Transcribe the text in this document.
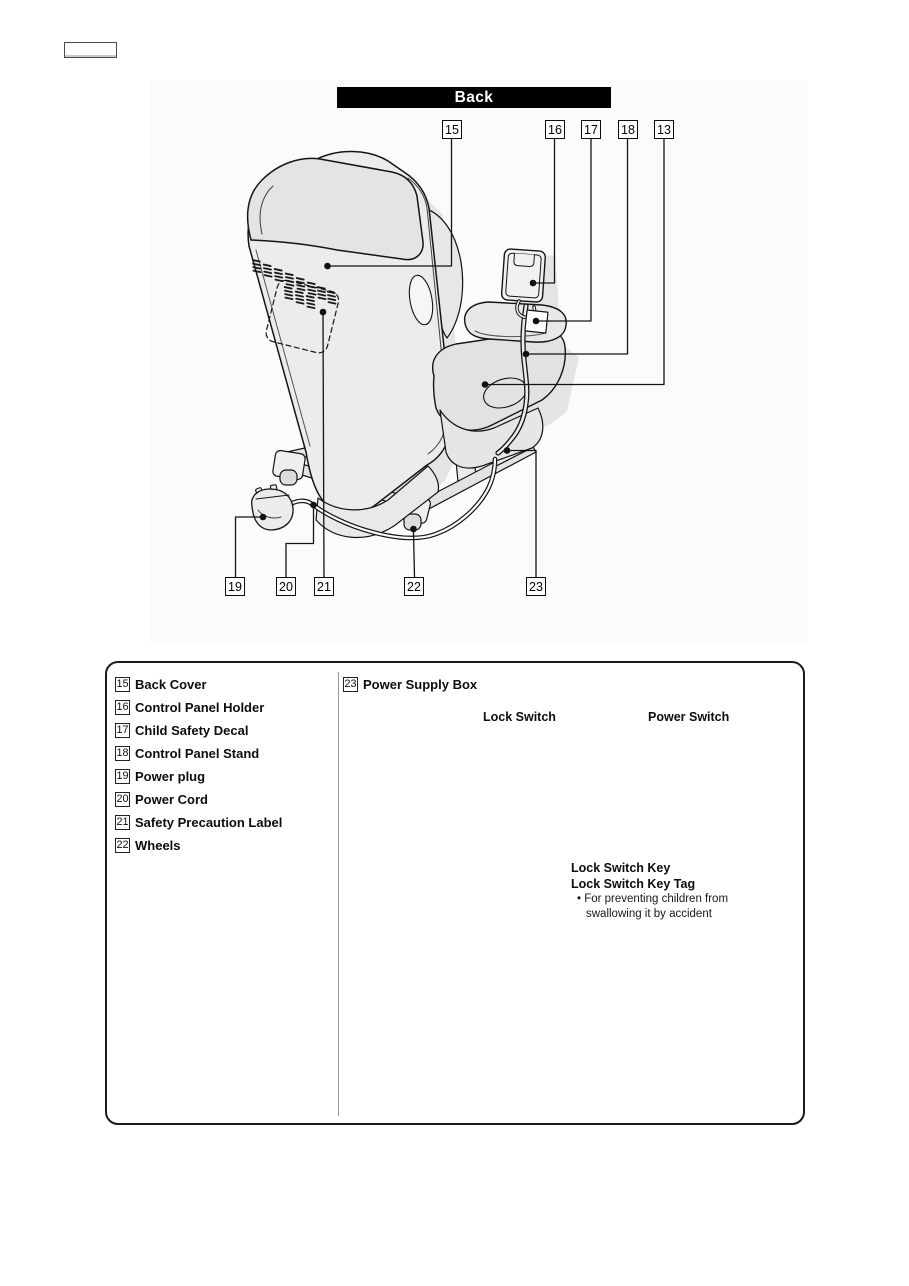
Back
15	16 17 18 13
19	20 21	22	23
15 Back Cover
16 Control Panel Holder
17 Child Safety Decal
18 Control Panel Stand
19 Power plug
20 Power Cord
21 Safety Precaution Label
22 Wheels
23 Power Supply Box
Lock Switch	Power Switch
Lock Switch Key
Lock Switch Key Tag
• For preventing children from
swallowing it by accident
